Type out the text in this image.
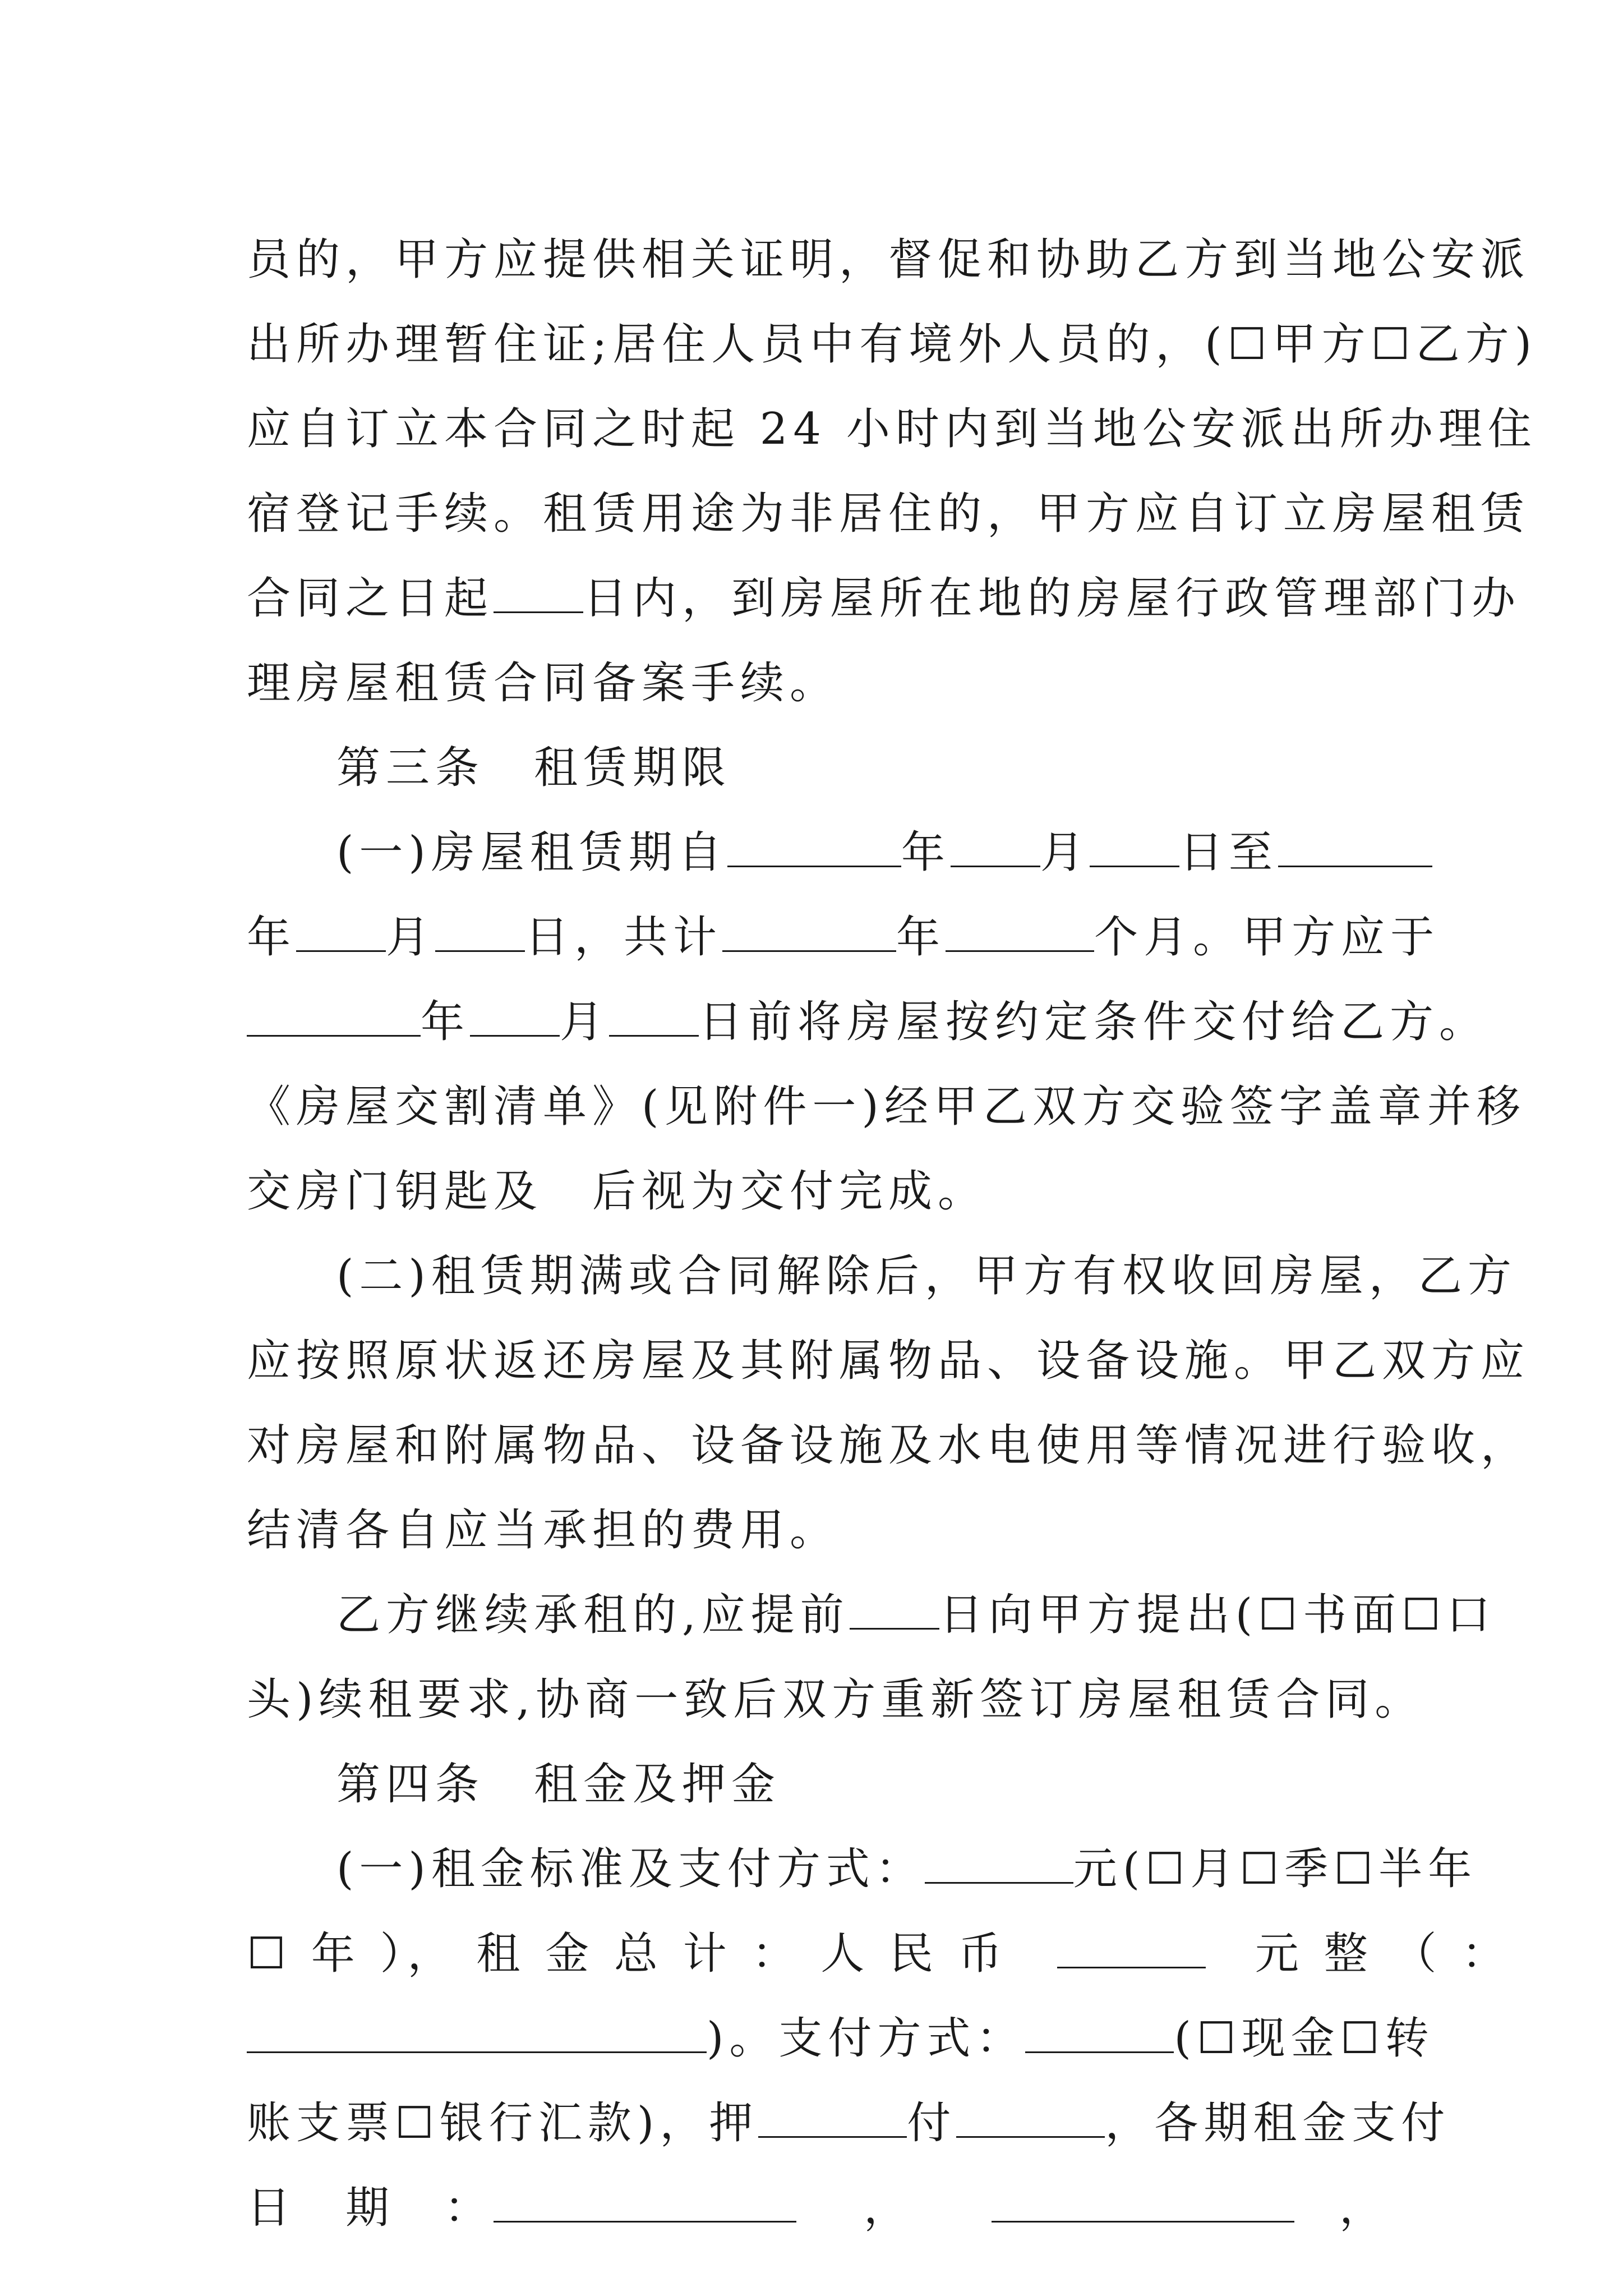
员的，甲方应提供相关证明，督促和协助乙方到当地公安派
出所办理暂住证;居住人员中有境外人员的，(☐甲方☐乙方)
应自订立本合同之时起 24 小时内到当地公安派出所办理住
宿登记手续。租赁用途为非居住的，甲方应自订立房屋租赁
合同之日起 日内，到房屋所在地的房屋行政管理部门办
理房屋租赁合同备案手续。
第三条　租赁期限
(一)房屋租赁期自	年 月 日至
年 月 日，共计	年	个月。甲方应于
年 月 日前将房屋按约定条件交付给乙方。
《房屋交割清单》(见附件一)经甲乙双方交验签字盖章并移
交房门钥匙及　后视为交付完成。
(二)租赁期满或合同解除后，甲方有权收回房屋，乙方
应按照原状返还房屋及其附属物品、设备设施。甲乙双方应
对房屋和附属物品、设备设施及水电使用等情况进行验收，
结清各自应当承担的费用。
乙方继续承租的,应提前 日向甲方提出(☐书面☐口
头)续租要求,协商一致后双方重新签订房屋租赁合同。
第四条　租金及押金
(一)租金标准及支付方式：	元(☐月☐季☐半年
☐ 年 ）， 租 金 总 计 ： 人 民 币　　	元 整 （ ：
)。支付方式：	(☐现金☐转
账支票☐银行汇款)，押	付	，各期租金支付
日　期　：	，	，
